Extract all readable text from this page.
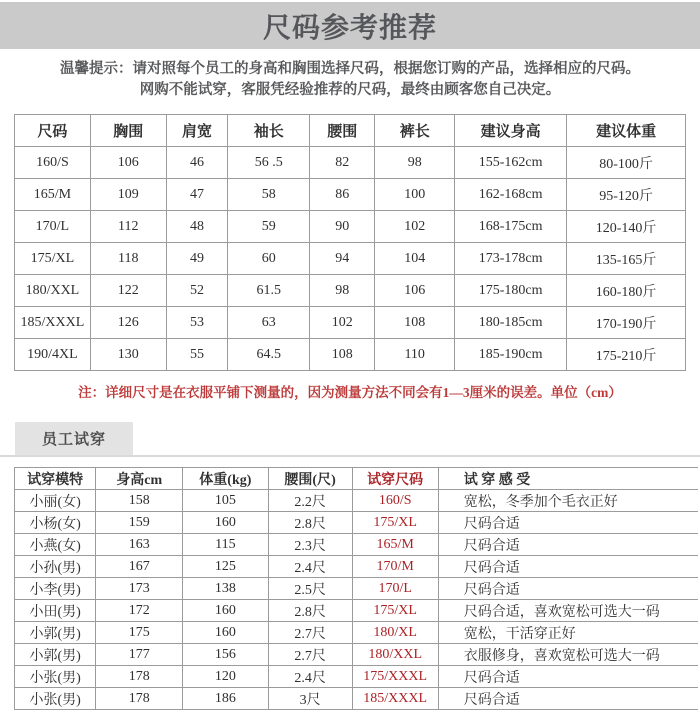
尺码参考推荐
温馨提示：请对照每个员工的身高和胸围选择尺码，根据您订购的产品，选择相应的尺码。
网购不能试穿，客服凭经验推荐的尺码，最终由顾客您自己决定。
尺码	胸围	肩宽	袖长	腰围	裤长	建议身高	建议体重
160/S	106	46	56 .5	82	98	155-162cm	80-100斤
165/M	109	47	58	86	100	162-168cm	95-120斤
170/L	112	48	59	90	102	168-175cm	120-140斤
175/XL	118	49	60	94	104	173-178cm	135-165斤
180/XXL	122	52	61.5	98	106	175-180cm	160-180斤
185/XXXL	126	53	63	102	108	180-185cm	170-190斤
190/4XL	130	55	64.5	108	110	185-190cm	175-210斤
注：详细尺寸是在衣服平铺下测量的，因为测量方法不同会有1—3厘米的误差。单位（cm）
员工试穿
试穿模特	身高cm	体重(kg)	腰围(尺)	试穿尺码	试 穿 感 受
小丽(女)	158	105	2.2尺	160/S	宽松，冬季加个毛衣正好
小杨(女)	159	160	2.8尺	175/XL	尺码合适
小燕(女)	163	115	2.3尺	165/M	尺码合适
小孙(男)	167	125	2.4尺	170/M	尺码合适
小李(男)	173	138	2.5尺	170/L	尺码合适
小田(男)	172	160	2.8尺	175/XL	尺码合适，喜欢宽松可选大一码
小郭(男)	175	160	2.7尺	180/XL	宽松，干活穿正好
小郭(男)	177	156	2.7尺	180/XXL	衣服修身，喜欢宽松可选大一码
小张(男)	178	120	2.4尺	175/XXXL	尺码合适
小张(男)	178	186	3尺	185/XXXL	尺码合适
